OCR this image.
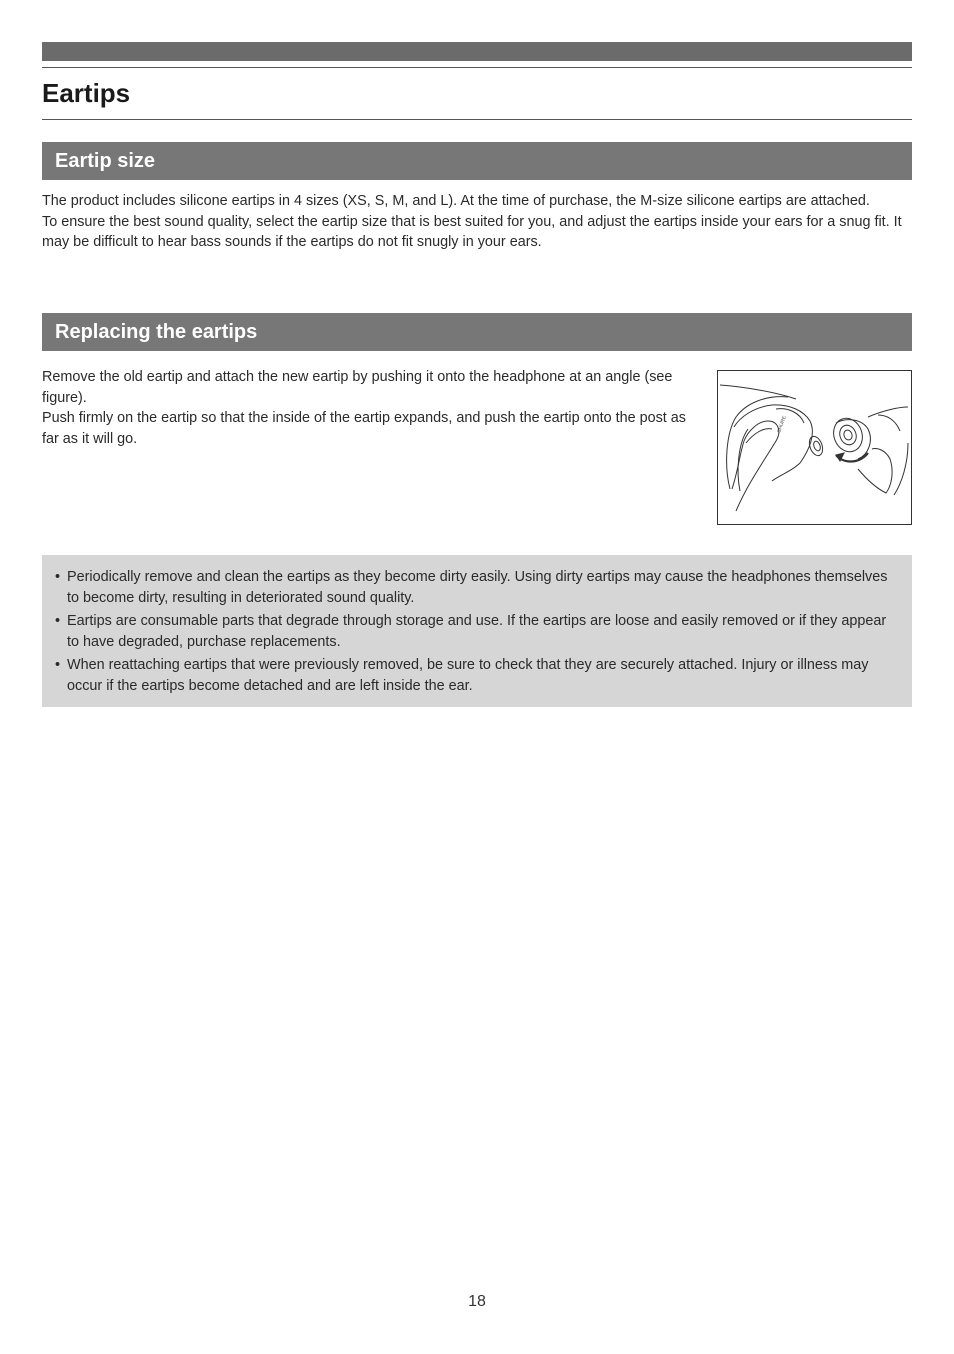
Eartips
Eartip size
The product includes silicone eartips in 4 sizes (XS, S, M, and L). At the time of purchase, the M-size silicone eartips are attached.
To ensure the best sound quality, select the eartip size that is best suited for you, and adjust the eartips inside your ears for a snug fit. It may be difficult to hear bass sounds if the eartips do not fit snugly in your ears.
Replacing the eartips
Remove the old eartip and attach the new eartip by pushing it onto the headphone at an angle (see figure).
Push firmly on the eartip so that the inside of the eartip expands, and push the eartip onto the post as far as it will go.
SHURE
• Periodically remove and clean the eartips as they become dirty easily. Using dirty eartips may cause the headphones themselves to become dirty, resulting in deteriorated sound quality.
• Eartips are consumable parts that degrade through storage and use. If the eartips are loose and easily removed or if they appear to have degraded, purchase replacements.
• When reattaching eartips that were previously removed, be sure to check that they are securely attached. Injury or illness may occur if the eartips become detached and are left inside the ear.
18
